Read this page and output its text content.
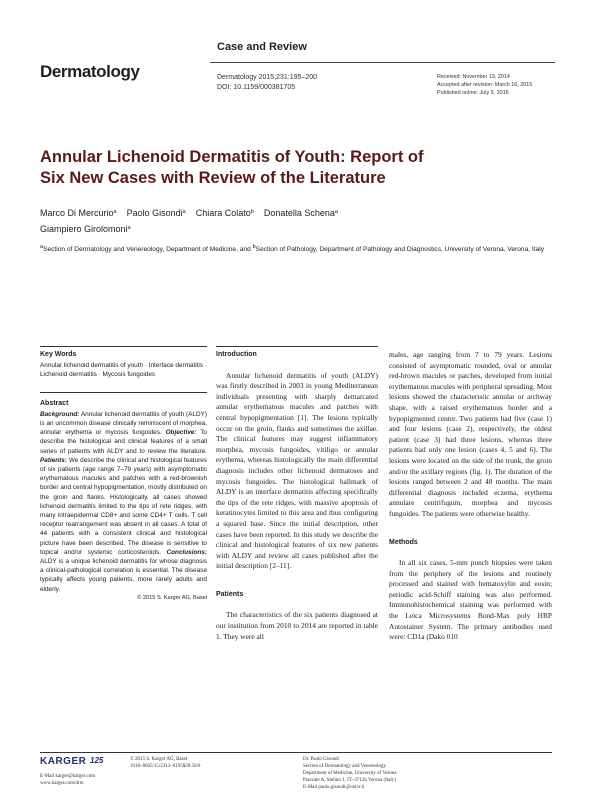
Case and Review
Dermatology	Dermatology 2015;231:195–200
DOI: 10.1159/000381705
Received: November 19, 2014
Accepted after revision: March 16, 2015
Published online: July 9, 2015
Annular Lichenoid Dermatitis of Youth: Report of
Six New Cases with Review of the Literature
Marco Di Mercurio$^a$ Paolo Gisondi$^a$ Chiara Colato$^b$ Donatella Schena$^a$
Giampiero Girolomoni$^a$
$^a$Section of Dermatology and Venereology, Department of Medicine, and $^b$Section of Pathology, Department of Pathology and Diagnostics, University of Verona, Verona, Italy
Key Words
Annular lichenoid dermatitis of youth · Interface dermatitis · Lichenoid dermatitis · Mycosis fungoides
Abstract
Background: Annular lichenoid dermatitis of youth (ALDY) is an uncommon disease clinically reminiscent of morphea, annular erythema or mycosis fungoides. Objective: To describe the histological and clinical features of a small series of patients with ALDY and to review the literature. Patients: We describe the clinical and histological features of six patients (age range 7–79 years) with asymptomatic erythematous macules and patches with a red-brownish border and central hypopigmentation, mostly distributed on the groin and flanks. Histologically, all cases showed lichenoid dermatitis limited to the tips of rete ridges, with many intraepidermal CD8+ and some CD4+ T cells. T cell receptor rearrangement was absent in all cases. A total of 44 patients with a consistent clinical and histological picture have been described. The disease is sensitive to topical and/or systemic corticosteroids. Conclusions: ALDY is a unique lichenoid dermatitis for whose diagnosis a clinical-pathological correlation is essential. The disease typically affects young patients, more rarely adults and elderly.
© 2015 S. Karger AG, Basel
Introduction

Annular lichenoid dermatitis of youth (ALDY) was firstly described in 2003 in young Mediterranean individuals presenting with sharply demarcated annular erythematous macules and patches with central hypopigmentation [1]. The lesions typically occur on the groin, flanks and sometimes the axillae. The clinical features may suggest inflammatory morphea, mycosis fungoides, vitiligo or annular erythema, whereas histologically the main differential diagnosis includes other lichenoid dermatoses and mycosis fungoides. The histological hallmark of ALDY is an interface dermatitis affecting specifically the tips of the rete ridges, with massive apoptosis of keratinocytes limited to this area and thus configuring a squared base. Since the initial description, other cases have been reported. In this study we describe the clinical and histological features of six new patients with ALDY and review all cases published after the initial description [2–11].

Patients

The characteristics of the six patients diagnosed at our institution from 2010 to 2014 are reported in table 1. They were all

males, age ranging from 7 to 79 years. Lesions consisted of asymptomatic rounded, oval or annular red-brown macules or patches, developed from initial erythematous macules with peripheral spreading. Most lesions showed the characteristic annular or archway shape, with a raised erythematous border and a hypopigmented center. Two patients had five (case 1) and four lesions (case 2), respectively, the oldest patient (case 3) had three lesions, whereas three patients had only one lesion (cases 4, 5 and 6). The lesions were located on the side of the trunk, the groin and/or the axillary regions (fig. 1). The duration of the lesions ranged between 2 and 48 months. The main differential diagnosis included eczema, erythema annulare centrifugum, morphea and mycosis fungoides. The patients were otherwise healthy.

Methods

In all six cases, 5-mm punch biopsies were taken from the periphery of the lesions and routinely processed and stained with hematoxylin and eosin; periodic acid-Schiff staining was also performed. Immunohistochemical staining was performed with the Leica Microsystems Bond-Max poly HRP Autostainer System. The primary antibodies used were: CD1a (Dako 010

KARGER 125
E-Mail karger@karger.com
www.karger.com/drm
© 2015 S. Karger AG, Basel
1018–8665/15/2313–0195$39.50/0
Dr. Paolo Gisondi
Section of Dermatology and Venereology
Department of Medicine, University of Verona
Piazzale A. Stefani 1, IT–37126 Verona (Italy)
E-Mail paolo.gisondi@univr.it
